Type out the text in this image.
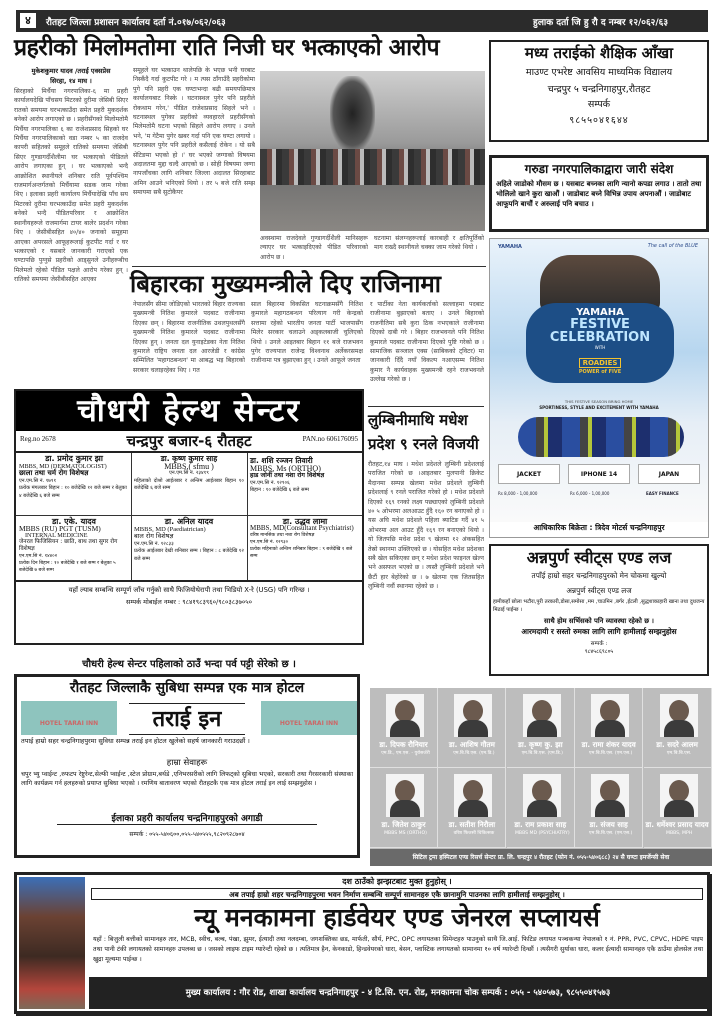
४	रौतहट जिल्ला प्रशासन कार्यालय दर्ता नं.०१७/०६२/०६३	हुलाक दर्ता जि हु रौ द नम्बर १२/०६२/६३
प्रहरीको मिलोमतोमा राति निजी घर भत्काएको आरोप
मुकेशकुमार यादव /तराई एक्सप्रेस
सिरहा, १४ माघ ।
सिरहाको मिर्चैया नगरपालिका-६ मा प्रहरी कार्यालयदेखि पाँचसय मिटरको दुरीमा जेसिबी सिएर रातको समयमा घरभत्काउँदा समेत प्रहरी मुकदर्शक बनेको आरोप लगाएको छ । प्रहरीसँगको मिलोमतोमै मिर्चैया नगरपालिका ६ का राजेशप्रसाद सिहको घर मिर्चैया नगरपालिकाको वडा नम्बर ५ का राजदेव कापरी सहितको समूहले रातिको समयमा जेसिबी सिएर गुण्डागर्दीशैलीमा घर भत्काएको पीडितले आरोप लगाएका हुन् । घर भत्काएको भन्दै आक्रोशित स्थानीयले शनिबार राति पूर्वपश्चिम राजमार्गअन्तर्गतको मिर्चैयामा सडक जाम गरेका थिए । इलाका प्रहरी कार्यालय मिर्चैयादेखि पाँच सय मिटरको दुरीमा घरभत्काउँदा समेत प्रहरी मुकदर्शक बनेको भन्दै पीडितपरिवार र आक्रोशित स्थानीयहरूले राजमार्गमा टायर बालेर प्रदर्शन गरेका थिए । जेसीबीसहित ४०/४० जनाको समूहमा आएका अपरसले आफूहरूलाई कुटपीट गर्दा र घर भत्काएको र यसबारे जानकारी गराएको एक घण्टापछि पुग्नुसे प्रहरीको आड्सुनले उनीहरूबीच मिलेमतो रहेको पीडित पक्षले आरोप गरेका हुन् । रातिको समयमा जेसीबीसहित आएका
समूहले घर भत्काउन थालेपछि के भएछ भनी घरबाट निस्कँदै गर्दा कुटपीट गरे । म त्यस ठाँगाउँदै प्रहरीकोमा पुगे पनि प्रहरी एक घण्टाभन्दा बढी समयपछिमात्र कार्यालयबाट निस्के । घटनास्थल पुगेर पनि प्रहरीले रोकथाम गरेन,' पीडित राजेशप्रसाद सिहले भने । घटनास्थल पुगेका प्रहरीको व्यवहारले प्रहरीसँगको मिलेमतोमै घटना भएको सिहले आरोप लगाए । उनले भने, 'म गेटैमा पुगेर खबर गर्दा पनि एक घण्टा लगायो । घटनास्थल पुगेर पनि प्रहरीले कसैलाई रोकेन । यो सबै सेटिङमा भएको हो ।' घर भएको जग्गाको विषयमा अदालतमा मुद्दा चल्दै आएको छ । सोही विषयमा जग्गा नापजाँचका लागि शनिबार जिल्ला अदालत सिरहाबाट अमिन आउने भनिएको थियो । तर ५ बजे राति सम्झ समायमा सबै सुटोकैपर
अवस्थामा राजदेवले गुण्डागर्दीशैली मानिसहरू ल्याएर घर भत्काइदिएको पीडित परिवारको आरोप छ ।
घटनामा संलग्नहरूलाई कारबाही र क्षतिपूर्तिको माग राख्दै स्थानीयले चक्का जाम गरेको थियो ।
मध्य तराईको शैक्षिक आँखा
माउण्ट एभरेष्ट आवसिय माध्यमिक विद्यालय
चन्द्रपुर ५ चन्द्रनिगाहपुर,रौतहट
सम्पर्क
९८५५०४१६४४
गरुडा नगरपालिकाद्वारा जारी संदेश
अहिले जाडोको मौसम छ । यसबाट बच्नका लागि न्यानो कपडा लगाउ । तातो तथा भोलिलो खाने कुरा खाऔं । जाडोबाट बच्ने विभिन्न उपाय अपनाऔं । जाडोबाट आफूपनि बाचौं र अरुलाई पनि बचाउ ।
YAMAHA	The call of the BLUE
YAMAHA
FESTIVE
CELEBRATION
WITH
ROADIES
POWER of FIVE
THIS FESTIVE SEASON BRING HOME
SPORTINESS, STYLE AND EXCITEMENT WITH YAMAHA
JACKET	IPHONE 14	JAPAN
Rs 8,000 - 1,00,000	Rs 6,000 - 1,00,000	EASY FINANCE
आधिकारिक बिक्रेता : त्रिदेव मोटर्स चन्द्रनिगाहपुर
बिहारका मुख्यमन्त्रीले दिए राजिनामा
नेपालसँग सीमा जोडिएको भारतको बिहार राज्यका मुख्यमन्त्री नितिश कुमारले पदबाट राजीनामा दिएका छन् । बिहारमा राजनीतिक उथलपुथलसँगै मुख्यमन्त्री नितिश कुमारले पदबाट राजीनामा दिएका हुन् । जनता दल युनाइटेडका नेता नितिश कुमारले राष्ट्रिय जनता दल आरजेडी र कांग्रेस सम्मिलित 'महागठबन्धन' मा आबद्ध भइ बिहारको सरकार चलाइरहेका थिए । गत
साल बिहारमा विकसित घटनाक्रमसँगै नितिश कुमारले महागठबन्धन परित्याग गरी केन्द्रको सत्तामा रहेको भारतीय जनता पार्टी भाजपासँग मिलेर सरकार चलाउने अड्कलबाजी चुलिएको थियो । उनले आइतबार बिहान ११ बजे राजभवन पुगेर राज्यपाल राजेन्द्र विश्वनाथ अर्लेकरसमक्ष राजीनामा पत्र बुझाएका हुन् । उनले आफूले जनता
र पार्टीका नेता कार्यकर्ताको सल्लाहमा पदबाट राजीनामा बुझाएको बताए । उनले बिहारको राजनीतिमा सबै कुरा ठिक नभएकाले राजीनामा दिएको दाबी गरे । बिहार राजभवनले पनि नितिश कुमारले पदबाट राजीनामा दिएको पुष्टि गरेको छ । सामाजिक सञ्जाल एक्स (साबिकको ट्विटर) मा जानकारी दिँदै नयाँ विकल्प नआएसम्म नितिश कुमार नै कार्यवाहक मुख्यमन्त्री रहने राजभवनले उल्लेख गरेको छ ।
लुम्बिनीमाथि मधेश प्रदेश ९ रनले विजयी
रौतहट,१४ माघ । मधेश प्रदेशले लुम्बिनी प्रदेशलाई पराजित गरेको छ ।आइतबार मुलपानी क्रिकेट मैदानमा सम्पन्न खेलमा मधेश प्रदेशले लुम्बिनी प्रदेशलाई ९ रनले पराजित गरेको हो । मधेश प्रदेशले दिएको १६९ रनको लक्ष्य पछ्याएको लुम्बिनी प्रदेशले ४० ५ ओभरमा अलआउट हुँदै १६० रन बनाएको हो । यस अघि मधेश प्रदेशले पहिला ब्याटिङ गर्दै ४१ ५ ओभरमा अल आउट हुँदै १६९ रन बनाएको थियो । यो जितपछि मधेश प्रदेश ९ खेलमा १२ अंकसहित तेस्रो स्थानमा उक्लिएको छ । योसहित मधेश प्रदेशका सबै खेल सकिएका छन् र मधेश प्रदेश फाइनल खेल्न भने असफल भएको छ । त्यस्तै लुम्बिनी प्रदेशले भने छैटौं हार बेहोरेको छ । ७ खेलमा एक जितसहित लुम्बिनी नवौं स्थानमा रहेको छ ।
चौधरी हेल्थ सेन्टर
Reg.no 2678	चन्द्रपुर बजार-६ रौतहट	PAN.no 606176095
डा. प्रमोद कुमार झा
MBBS, MD (DERMATOLOGIST)
छाला तथा चर्म रोग विशेषज्ञ
एन.एम.सि नं. १७९१
प्रत्येक मंगलबार बिहान : १० बजेदेखि १२ बजे सम्म र बेलुका ४ बजेदेखि ६ बजे सम्म
डा. कृष्ण कुमार साह
MBBS,( sfmu )
एन.एम.सि नं. २३४१९
महिलाको दोश्रो आईतबार र अन्तिम आईतबार बिहान १० बजेदेखि ६ बजे सम्म
डा. शशि रञ्जन तिवारी
MBBS, Ms (ORTHO)
हाड जोर्नी तथा नशा रोग विशेषज्ञ
एन.एम.सि नं. १२९०६
बिहान : १० बजेदेखि ६ बजे सम्म
डा. एके. यादव
MBBS (RU) PGT (TUSM)
INTERNAL MEDICINE
जेनरल फिजिसियन : छाति, बाथ तथा सुगर रोग विशेषज्ञ
एन.एम.सि नं. १४४०२
प्रत्येक दिन बिहान : १० बजेदेखि १ बजे सम्म र बेलुका ५ बजेदेखि ७ बजे सम्म
डा. अनिल यादव
MBBS, MD (Paediatrician)
बाल रोग विशेषज्ञ
एन.एम.सि नं. १२८३३
प्रत्येक आईतबार देखी शनिबार सम्म । बिहान : ८ बजेदेखि १२ बजे सम्म
डा. उद्धव लामा
MBBS, MD(Consultant Psychiatrist)
वरिष्ठ मानसिक तथा नशा रोग विशेषज्ञ
एन.एम.सि नं. १२९३०
प्रत्येक महिनाको अन्तिम शनिबार बिहान : ९ बजेदेखि १ बजे सम्म
यहाँ ल्याब सम्बन्धि सम्पूर्ण जाँच गर्नुको साथै फिजियोथेरापी तथा भिडियो X-रे (USG) पनि गरिन्छ ।
सम्पर्क मोबाईल नम्बर : ९८४१९८३९६०/९८०३८३७०५०
चौधरी हेल्थ सेन्टर पहिलाको ठाउँ भन्दा पर्व पट्टी सेरेको छ ।
रौतहट जिल्लाकै सुबिधा सम्पन्न एक मात्र होटल
HOTEL TARAI INN	तराई इन	HOTEL TARAI INN
तपाई हाम्रो सहर चन्द्रनिगाहपुरमा सुविधा सम्पन्न तराई इन होटल खुलेको सहर्ष जानकारी गराउदछौं ।
हाम्रा सेवाहरू
चपुर भ्यु प्वाईन्ट ,रुफटप रेष्टुरेन्ट,सेल्फी प्वाईन्ट ,स्टेज प्रोग्राम,बर्थडे ,एनिभरसरीको लागि लिफट्को सुबिधा भएको, सरकारी तथा गैरसरकारी संस्थाका लागि कार्यक्रम गर्न हलहरुको प्रयाप्त सुबिधा भएको । रमणिय बातावरण भएको रौतहटकै एक मात्र होटल तराई इन लाई सम्झनुहोस ।
ईलाका प्रहरी कार्यालय चन्द्रनिगाहपुरको अगाडी
सम्पर्क : ०५५-५४०६००,०५५-५४०५५५,९८२०९२८७०४
अन्नपुर्ण स्वीट्स एण्ड लज
तपाँई हाम्रो सहर चन्द्रनिगाहपुरको मेन चोकमा खुल्यो
अन्नपुर्ण स्वीट्स एण्ड लज
हामीकहाँ छोला भटौरा,पुरी तरकारी,डोसा,समोसा ,मम ,चाउमिन ,बर्गर ,ईटली ,सुद्धशाकाहारी खाना तथा दुधजन्य मिठाई पाईन्छ ।
साथै होम सर्भिसको पनि व्यावस्था रहेको छ ।
आरमदायी र सस्तो रुमका लागि लागि हामीलाई सम्झनुहोस
सम्पर्क :
९८४५८६९८०५
डा. दिपक रौनियार
एम.डि., एम.एस. - युरोसर्जरी
डा. आशिष गौतम
एम.बि.बि.एस. (एम.डि.)
डा. कृष्ण कु. झा
एम.बि.बि.एस. (एम.डि.)
डा. रामा शंकर यादव
एम.बि.बि.एस. (एम.एस.)
डा. सदरे आलम
एम.बि.बि.एस.
डा. जितेश ठाकुर
MBBS MS (ORTHO)
डा. सतीश निरौला
वरिष्ठ फिजसी चिकित्सक
डा. राम प्रकाश साह
MBBS MD (PSYCHIATRY)
डा. संजय साह
एम.बि.बि.एस. (एम.एस.)
डा. धर्मेश्वर प्रसाद यादव
MBBS, MPH
सिटिल ट्रमा हस्पिटल एण्ड रिसर्च सेन्टर प्रा. लि. चन्द्रपुर ४ रौतहट (फोन नं. ०५५-५४०६८८) २४ सै घण्टा इमर्जेन्सी सेवा
दश ठाउँको झन्झटबाट मुक्त हुनुहोस् ।
अब तपाई हाम्रो शहर चन्द्रनिगाहपुरमा भवन निर्माण सम्बन्धि सम्पूर्ण सामानहरु एकै छानामुनि पाउनका लागि हामीलाई सम्झनुहोस् ।
न्यू मनकामना हार्डवेयर एण्ड जेनरल सप्लायर्स
यहाँ : बिजुली बत्तीको सामानहरु तार, MCB, स्वीच, बल्ब, पंखा, झुमर, ईत्यादी तथा नलदम्बा, जगशक्तिका छड, मार्फती, सौर्य, PPC, OPC लगायतका सिमेन्टहरु पाउनुको साथै जि.आई. फिटिङ लगायत पञ्चकन्या नेपालको १ नं. PPR, PVC, CPVC, HDPE पाइप तथा पानी टंकी लगायतको सामानहरु उपलब्ध छ । जसको लाइफ टाइम ग्यारेन्टी रहेको छ । त्यतिमात्र हैन, केनकाडो, हिन्डवेयरको धारा, बेसन, प्लास्टिक लगायतको सामानमा १० वर्ष ग्यारेन्टी दिन्छौं । त्यसैगरी सुर्याका धारा, कलर ईत्यादी सामानहरु एकै ठाउँमा होलसेल तथा खुद्रा मूल्यमा पाईन्छ ।
मुख्य कार्यालय : गौर रोड, शाखा कार्यालय चन्द्रनिगाहपुर - ४ टि.सि. एन. रोड, मनकामना चोक सम्पर्क : ०५५ - ५४०५७३, ९८५५०४१५७३
